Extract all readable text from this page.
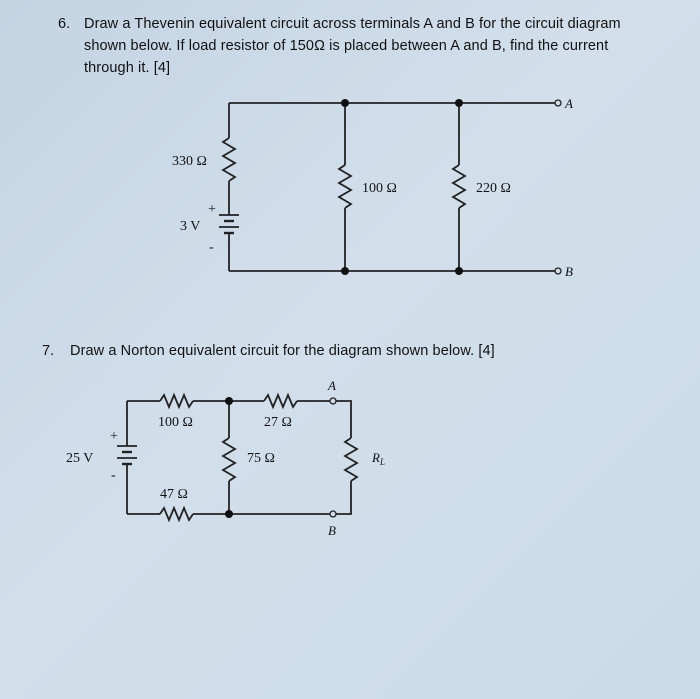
6. Draw a Thevenin equivalent circuit across terminals A and B for the circuit diagram
shown below. If load resistor of 150Ω is placed between A and B, find the current
through it. [4]
7. Draw a Norton equivalent circuit for the diagram shown below. [4]
330 Ω
3 V
+
-
100 Ω	220 Ω
A
B
100 Ω	27 Ω
25 V
+
-
75 Ω
47 Ω
$R_L$
A
B
